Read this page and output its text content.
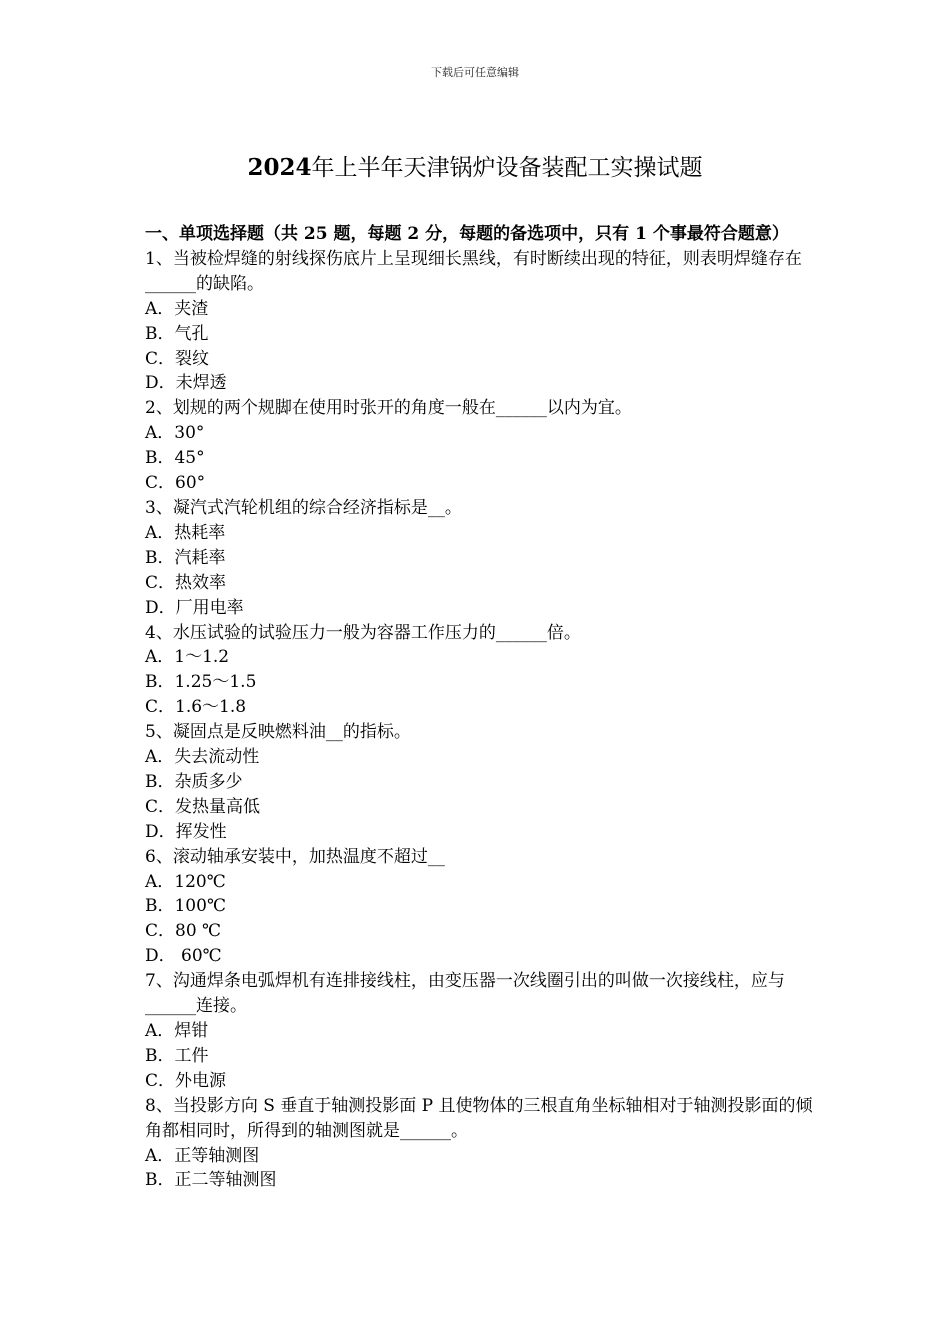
下载后可任意编辑
2024年上半年天津锅炉设备装配工实操试题

一、单项选择题（共 25 题，每题 2 分，每题的备选项中，只有 1 个事最符合题意）

1、当被检焊缝的射线探伤底片上呈现细长黑线，有时断续出现的特征，则表明焊缝存在______的缺陷。

A．夹渣

B．气孔

C．裂纹

D．未焊透

2、划规的两个规脚在使用时张开的角度一般在______以内为宜。

A．30°

B．45°

C．60°

3、凝汽式汽轮机组的综合经济指标是__。

A．热耗率

B．汽耗率

C．热效率

D．厂用电率

4、水压试验的试验压力一般为容器工作压力的______倍。

A．1～1.2

B．1.25～1.5

C．1.6～1.8

5、凝固点是反映燃料油__的指标。

A．失去流动性

B．杂质多少

C．发热量高低

D．挥发性

6、滚动轴承安装中，加热温度不超过__

A．120℃

B．100℃

C．80 ℃

D． 60℃

7、沟通焊条电弧焊机有连排接线柱，由变压器一次线圈引出的叫做一次接线柱，应与______连接。

A．焊钳

B．工件

C．外电源

8、当投影方向 S 垂直于轴测投影面 P 且使物体的三根直角坐标轴相对于轴测投影面的倾角都相同时，所得到的轴测图就是______。

A．正等轴测图

B．正二等轴测图
